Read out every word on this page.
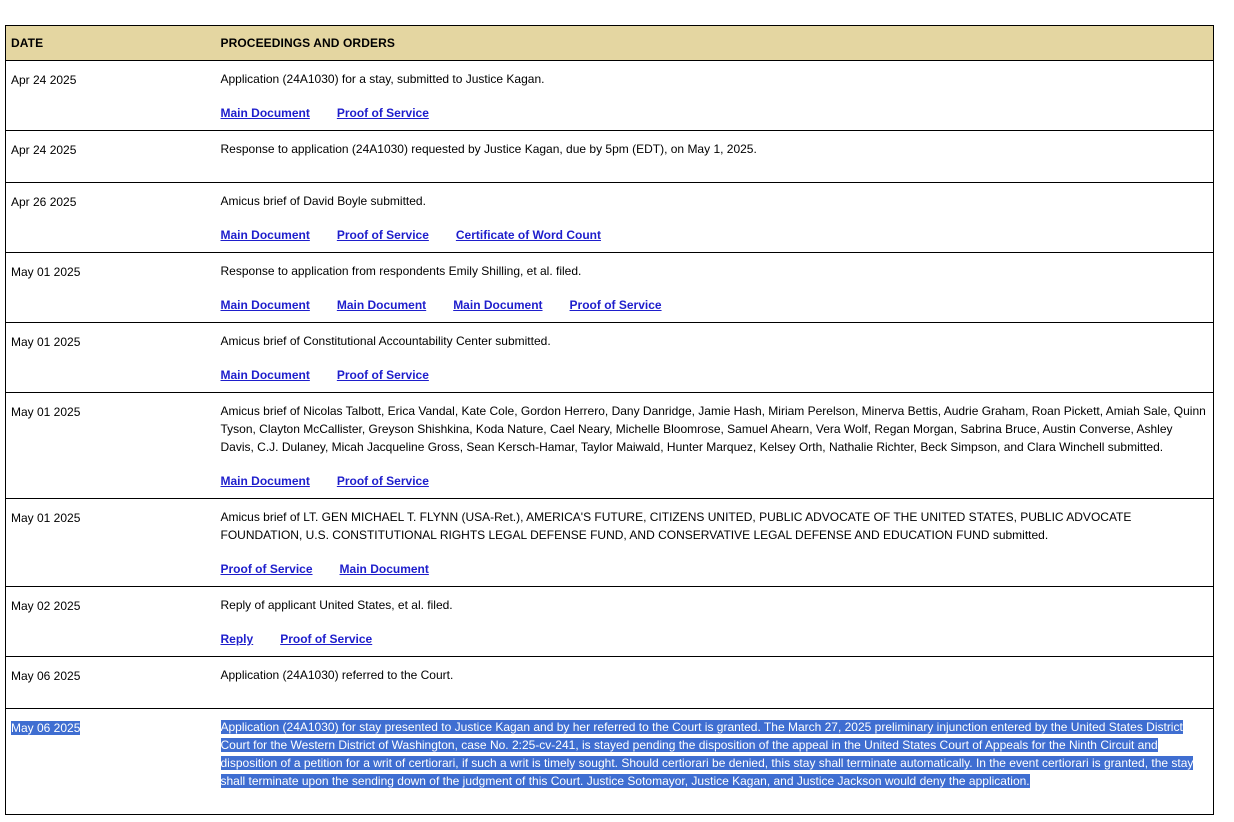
DATE	PROCEEDINGS AND ORDERS
Apr 24 2025	Application (24A1030) for a stay, submitted to Justice Kagan.
Main Document Proof of Service

Apr 24 2025	Response to application (24A1030) requested by Justice Kagan, due by 5pm (EDT), on May 1, 2025.
Apr 26 2025	Amicus brief of David Boyle submitted.
Main Document Proof of Service Certificate of Word Count

May 01 2025	Response to application from respondents Emily Shilling, et al. filed.
Main Document Main Document Main Document Proof of Service

May 01 2025	Amicus brief of Constitutional Accountability Center submitted.
Main Document Proof of Service

May 01 2025	Amicus brief of Nicolas Talbott, Erica Vandal, Kate Cole, Gordon Herrero, Dany Danridge, Jamie Hash, Miriam Perelson, Minerva Bettis, Audrie Graham, Roan Pickett, Amiah Sale, Quinn Tyson, Clayton McCallister, Greyson Shishkina, Koda Nature, Cael Neary, Michelle Bloomrose, Samuel Ahearn, Vera Wolf, Regan Morgan, Sabrina Bruce, Austin Converse, Ashley Davis, C.J. Dulaney, Micah Jacqueline Gross, Sean Kersch-Hamar, Taylor Maiwald, Hunter Marquez, Kelsey Orth, Nathalie Richter, Beck Simpson, and Clara Winchell submitted.
Main Document Proof of Service

May 01 2025	Amicus brief of LT. GEN MICHAEL T. FLYNN (USA-Ret.), AMERICA'S FUTURE, CITIZENS UNITED, PUBLIC ADVOCATE OF THE UNITED STATES, PUBLIC ADVOCATE FOUNDATION, U.S. CONSTITUTIONAL RIGHTS LEGAL DEFENSE FUND, AND CONSERVATIVE LEGAL DEFENSE AND EDUCATION FUND submitted.
Proof of Service Main Document

May 02 2025	Reply of applicant United States, et al. filed.
Reply Proof of Service

May 06 2025	Application (24A1030) referred to the Court.
May 06 2025	Application (24A1030) for stay presented to Justice Kagan and by her referred to the Court is granted. The March 27, 2025 preliminary injunction entered by the United States District Court for the Western District of Washington, case No. 2:25-cv-241, is stayed pending the disposition of the appeal in the United States Court of Appeals for the Ninth Circuit and disposition of a petition for a writ of certiorari, if such a writ is timely sought. Should certiorari be denied, this stay shall terminate automatically. In the event certiorari is granted, the stay shall terminate upon the sending down of the judgment of this Court. Justice Sotomayor, Justice Kagan, and Justice Jackson would deny the application.
